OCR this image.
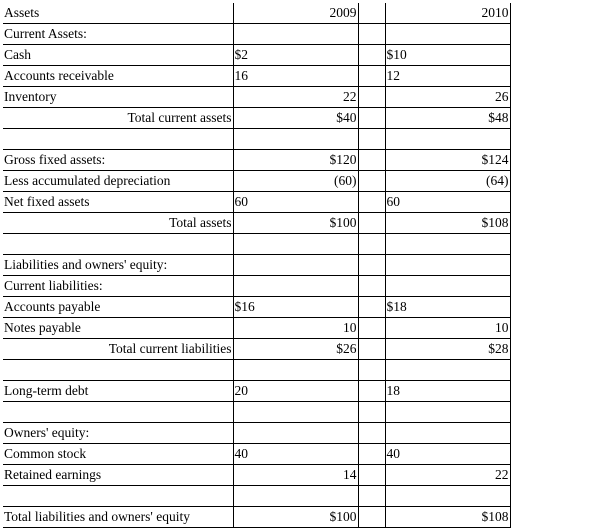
Assets	2009		2010
Current Assets:			
Cash	$2		$10
Accounts receivable	16		12
Inventory	22		26
Total current assets	$40		$48

Gross fixed assets:	$120		$124
Less accumulated depreciation	(60)		(64)
Net fixed assets	60		60
Total assets	$100		$108

Liabilities and owners' equity:			
Current liabilities:			
Accounts payable	$16		$18
Notes payable	10		10
Total current liabilities	$26		$28

Long-term debt	20		18

Owners' equity:			
Common stock	40		40
Retained earnings	14		22

Total liabilities and owners' equity	$100		$108
